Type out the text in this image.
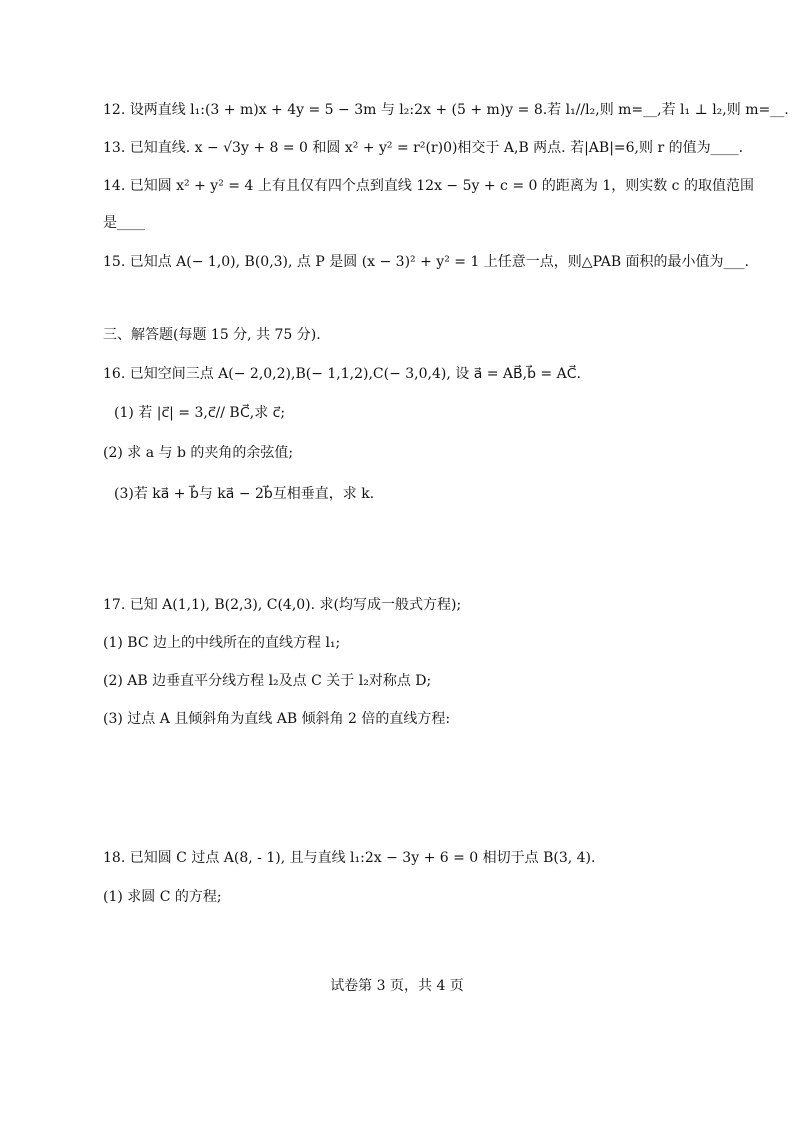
12. 设两直线 l₁:(3 + m)x + 4y = 5 − 3m 与 l₂:2x + (5 + m)y = 8.若 l₁//l₂,则 m=__,若 l₁ ⊥ l₂,则 m=__.
13. 已知直线. x − √3y + 8 = 0 和圆 x² + y² = r²(r)0)相交于 A,B 两点. 若|AB|=6,则 r 的值为____.
14. 已知圆 x² + y² = 4 上有且仅有四个点到直线 12x − 5y + c = 0 的距离为 1，则实数 c 的取值范围
是____
15. 已知点 A(− 1,0), B(0,3), 点 P 是圆 (x − 3)² + y² = 1 上任意一点，则△PAB 面积的最小值为___.
三、解答题(每题 15 分, 共 75 分).
16. 已知空间三点 A(− 2,0,2),B(− 1,1,2),C(− 3,0,4), 设 a⃗ = AB⃗,b⃗ = AC⃗.
(1) 若 |c⃗| = 3,c⃗// BC⃗,求 c⃗;
(2) 求 a 与 b 的夹角的余弦值;
(3)若 ka⃗ + b⃗与 ka⃗ − 2b⃗互相垂直，求 k.
17. 已知 A(1,1), B(2,3), C(4,0). 求(均写成一般式方程);
(1) BC 边上的中线所在的直线方程 l₁;
(2) AB 边垂直平分线方程 l₂及点 C 关于 l₂对称点 D;
(3) 过点 A 且倾斜角为直线 AB 倾斜角 2 倍的直线方程:
18. 已知圆 C 过点 A(8, - 1), 且与直线 l₁:2x − 3y + 6 = 0 相切于点 B(3, 4).
(1) 求圆 C 的方程;
试卷第 3 页，共 4 页
